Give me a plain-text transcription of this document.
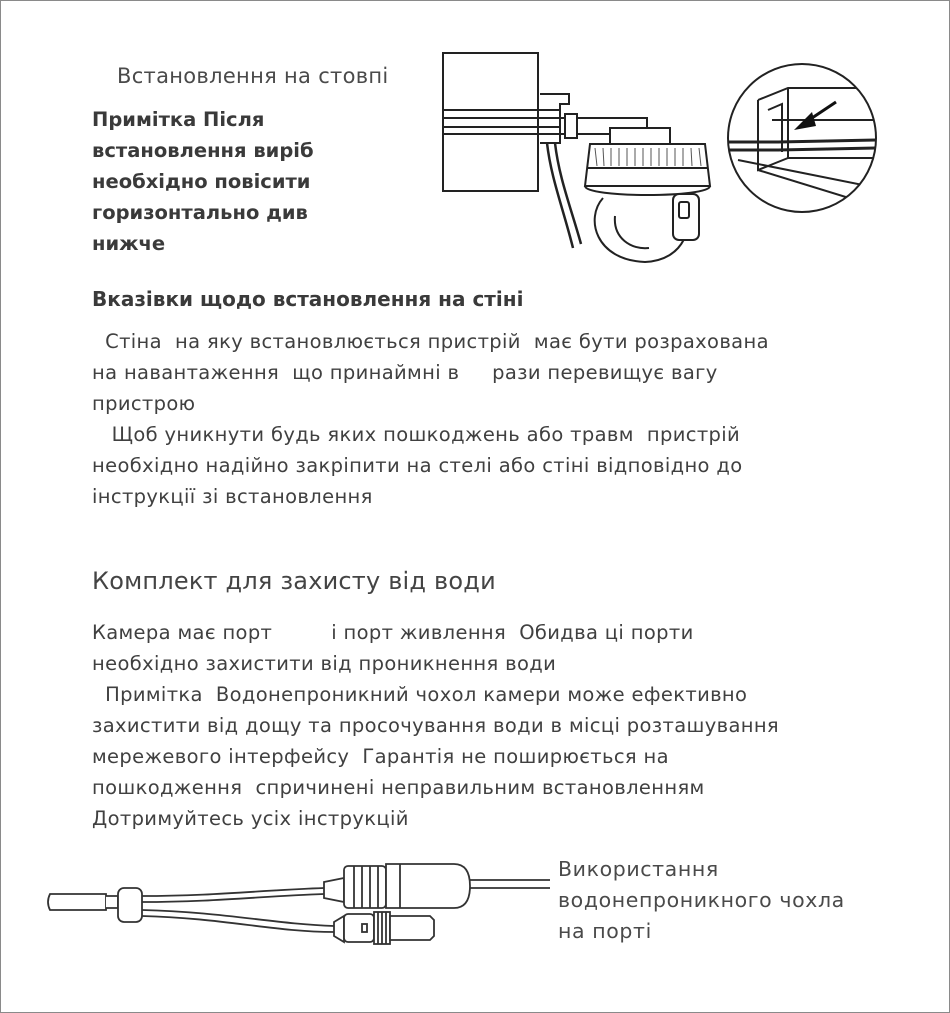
Встановлення на стовпі

Примітка Після
встановлення виріб
необхідно повісити
горизонтально див
нижче

Вказівки щодо встановлення на стіні

Стіна  на яку встановлюється пристрій  має бути розрахована
на навантаження  що принаймні в     рази перевищує вагу
пристрою
Щоб уникнути будь яких пошкоджень або травм  пристрій
необхідно надійно закріпити на стелі або стіні відповідно до
інструкції зі встановлення

Комплект для захисту від води

Камера має порт         і порт живлення  Обидва ці порти
необхідно захистити від проникнення води
Примітка  Водонепроникний чохол камери може ефективно
захистити від дощу та просочування води в місці розташування
мережевого інтерфейсу  Гарантія не поширюється на
пошкодження  спричинені неправильним встановленням
Дотримуйтесь усіх інструкцій
Використання
водонепроникного чохла
на порті
